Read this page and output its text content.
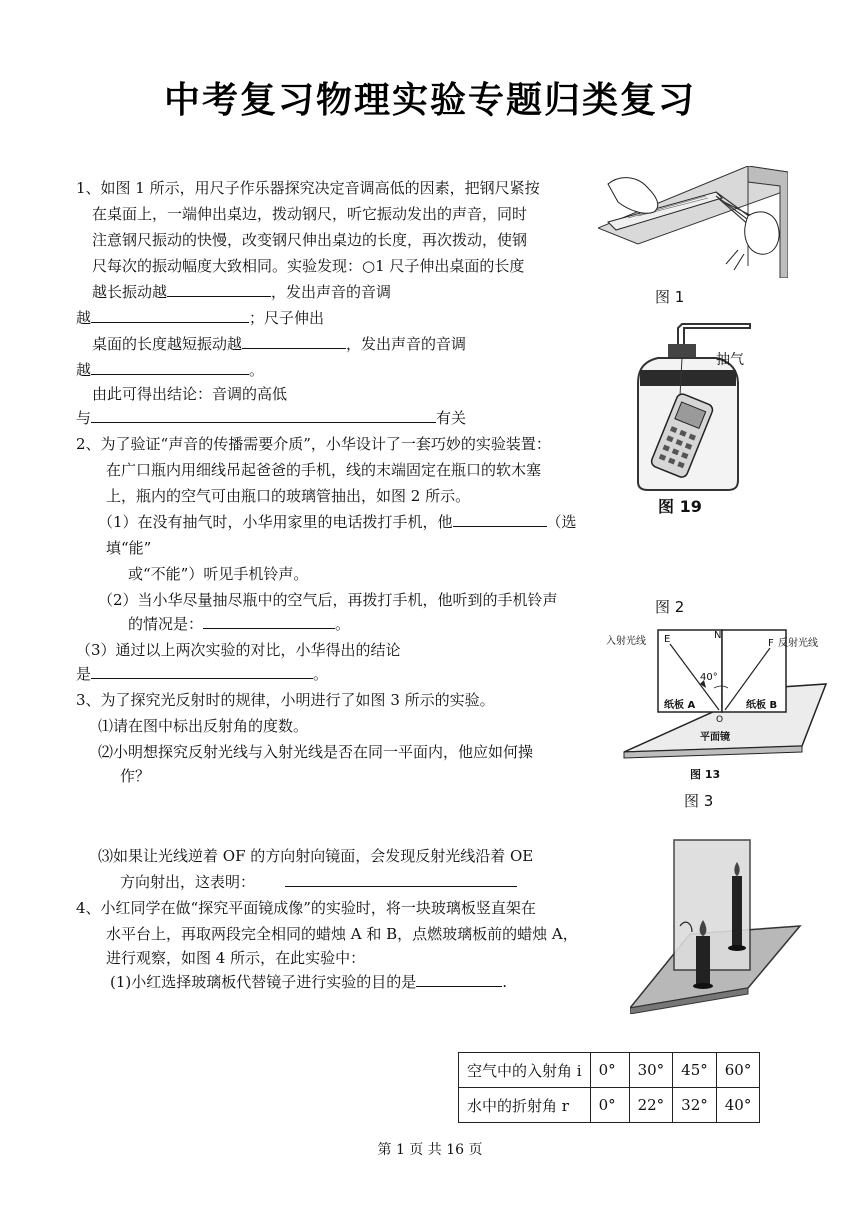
中考复习物理实验专题归类复习
1、如图 1 所示，用尺子作乐器探究决定音调高低的因素，把钢尺紧按
在桌面上，一端伸出桌边，拨动钢尺，听它振动发出的声音，同时
注意钢尺振动的快慢，改变钢尺伸出桌边的长度，再次拨动，使钢
尺每次的振动幅度大致相同。实验发现：○1 尺子伸出桌面的长度
越长振动越	，发出声音的音调
越	；尺子伸出
桌面的长度越短振动越	，发出声音的音调
越	。
由此可得出结论：音调的高低
与	有关
2、为了验证“声音的传播需要介质”，小华设计了一套巧妙的实验装置：
在广口瓶内用细线吊起爸爸的手机，线的末端固定在瓶口的软木塞
上，瓶内的空气可由瓶口的玻璃管抽出，如图 2 所示。
（1）在没有抽气时，小华用家里的电话拨打手机，他	（选
填“能”
或“不能”）听见手机铃声。
（2）当小华尽量抽尽瓶中的空气后，再拨打手机，他听到的手机铃声
的情况是：	。
（3）通过以上两次实验的对比，小华得出的结论
是	。
3、为了探究光反射时的规律，小明进行了如图 3 所示的实验。
⑴请在图中标出反射角的度数。
⑵小明想探究反射光线与入射光线是否在同一平面内，他应如何操
作？
⑶如果让光线逆着 OF 的方向射向镜面，会发现反射光线沿着 OE
方向射出，这表明：
4、小红同学在做“探究平面镜成像”的实验时，将一块玻璃板竖直架在
水平台上，再取两段完全相同的蜡烛 A 和 B，点燃玻璃板前的蜡烛 A，
进行观察，如图 4 所示，在此实验中：
(1)小红选择玻璃板代替镜子进行实验的目的是	.
图 1
抽气
图 19
图 2
入射光线	反射光线
E	N
F
40°
O
纸板 A	纸板 B
平面镜
图 13
图 3
空气中的入射角 i	0°	30°	45°	60°
水中的折射角 r	0°	22°	32°	40°
第 1 页 共 16 页
